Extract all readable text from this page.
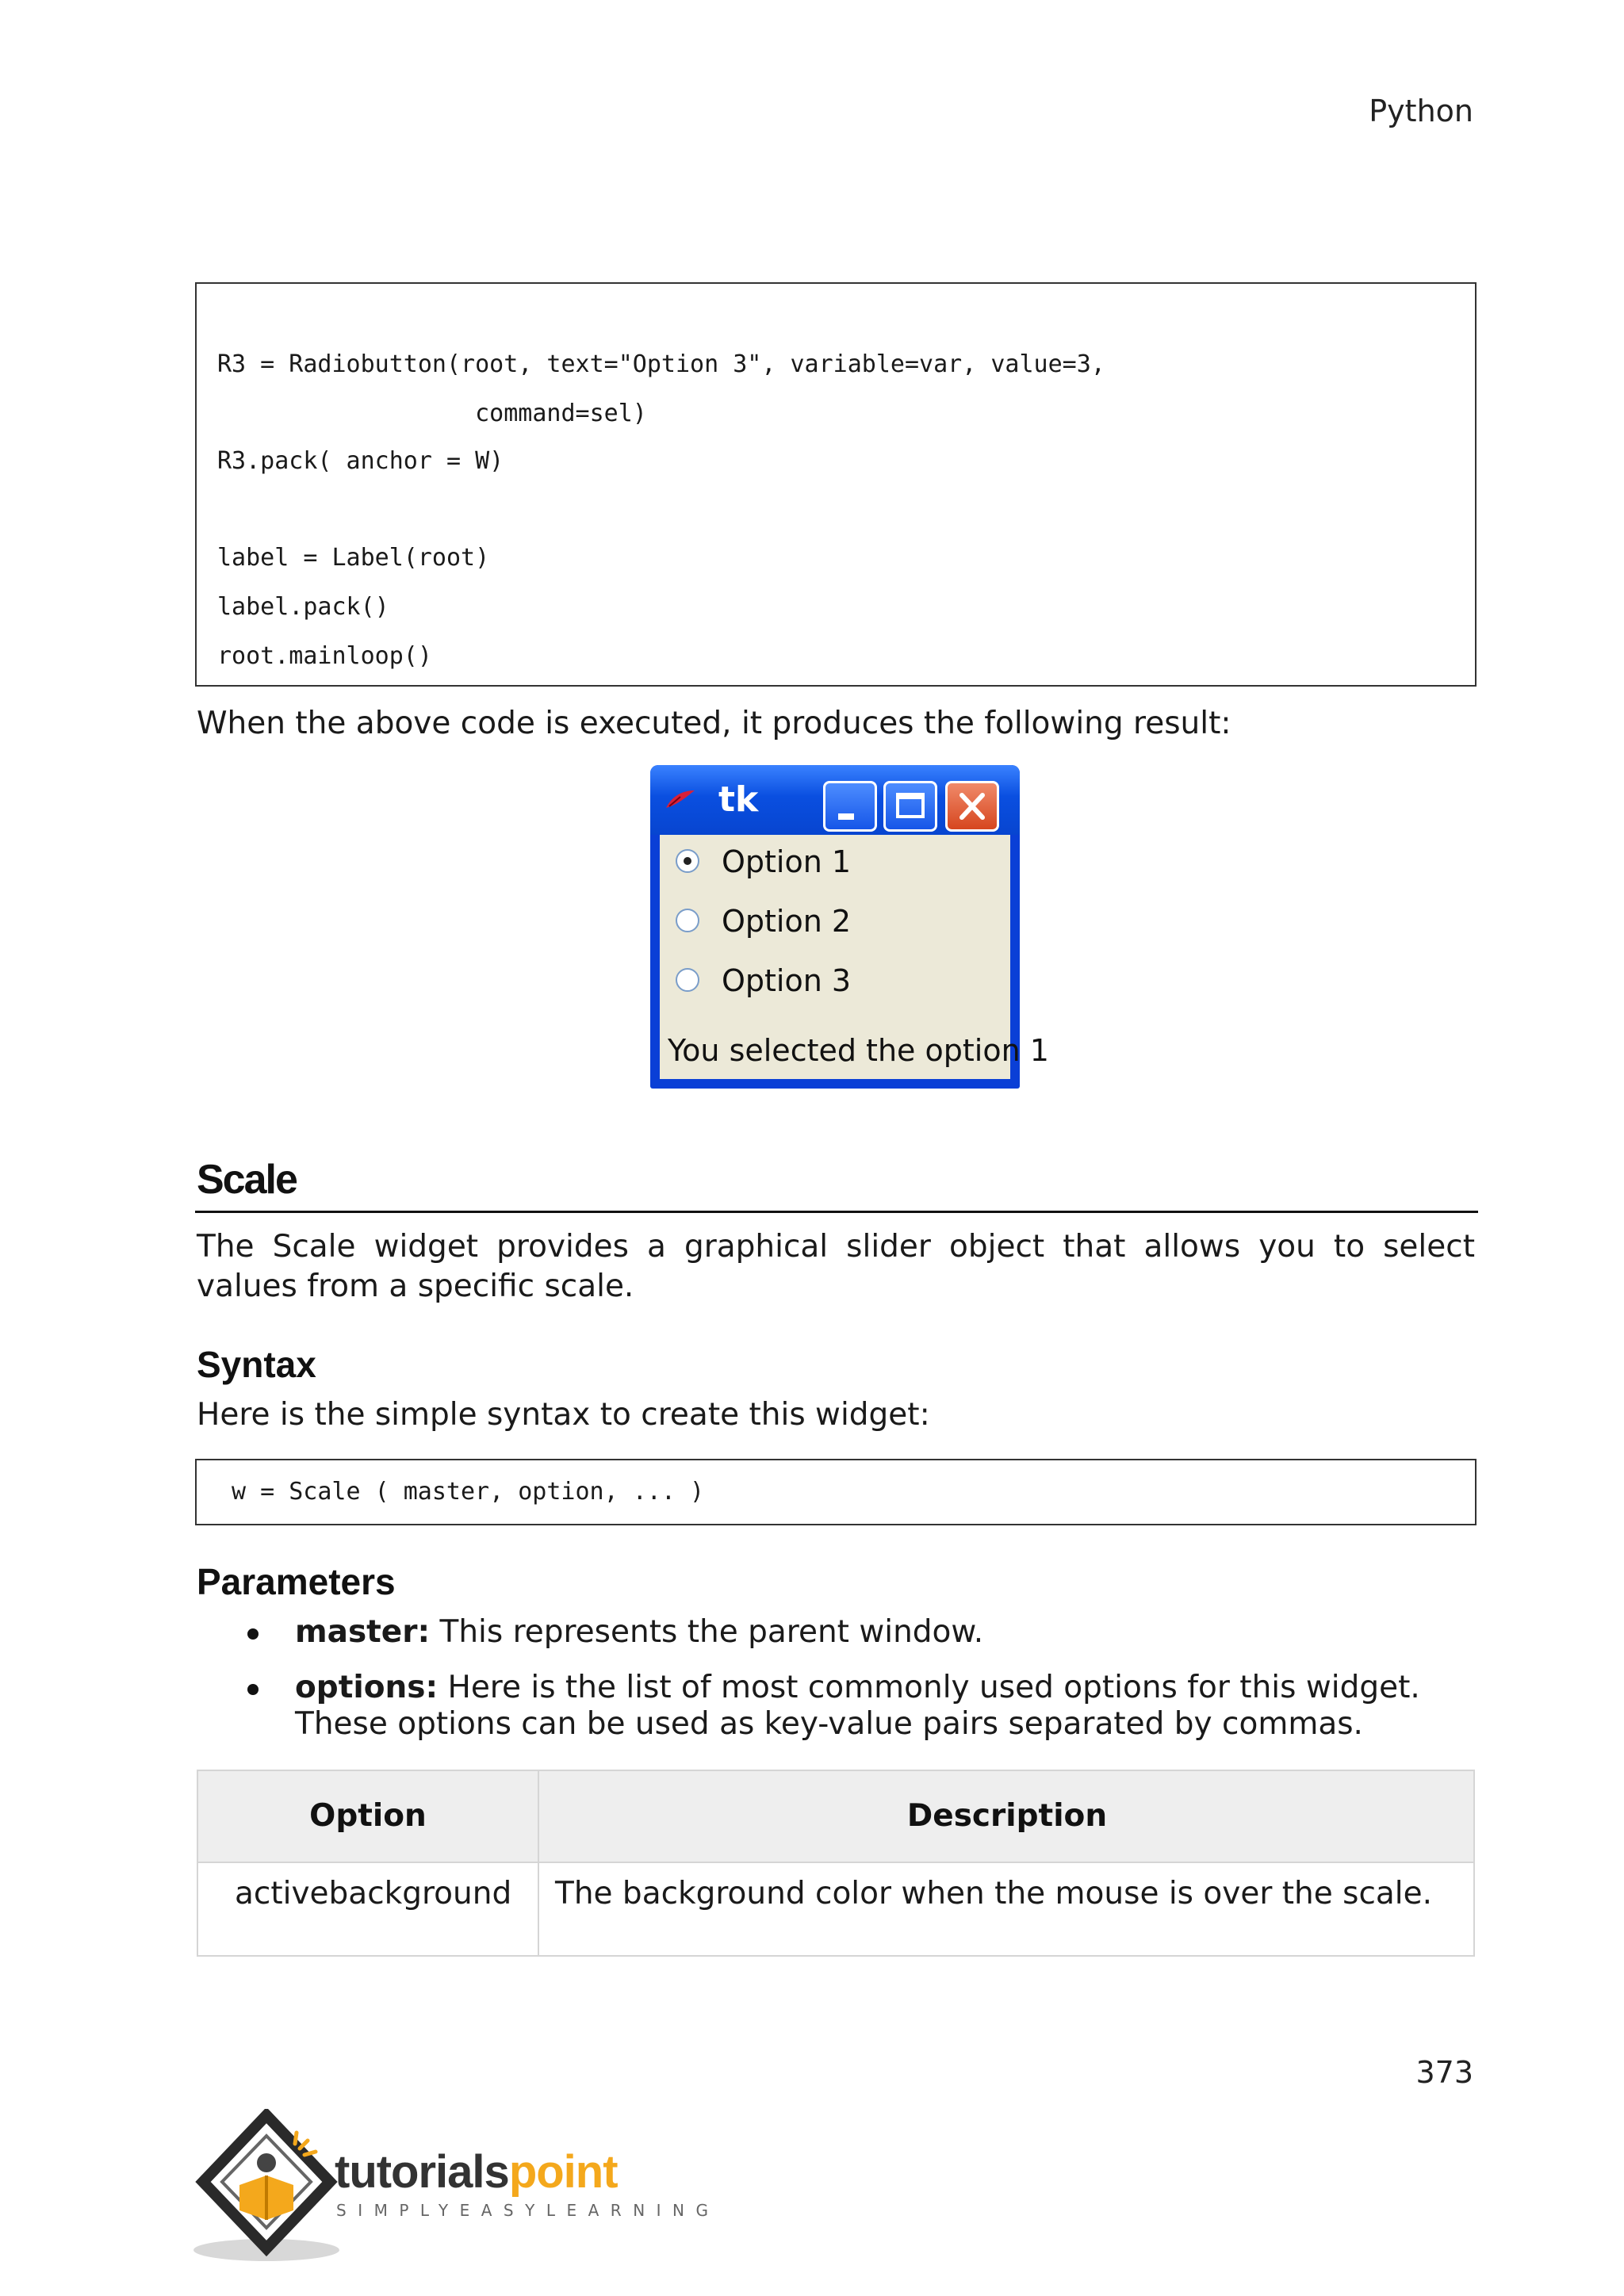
Python
R3 = Radiobutton(root, text="Option 3", variable=var, value=3,
command=sel)
R3.pack( anchor = W)
label = Label(root)
label.pack()
root.mainloop()
When the above code is executed, it produces the following result:
tk
Option 1
Option 2
Option 3
You selected the option 1
Scale
The Scale widget provides a graphical slider object that allows you to select values from a specific scale.
Syntax
Here is the simple syntax to create this widget:
w = Scale ( master, option, ... )
Parameters
master: This represents the parent window.
options: Here is the list of most commonly used options for this widget. These options can be used as key-value pairs separated by commas.
Option	Description
activebackground The background color when the mouse is over the scale.
373
tutorialspoint
SIMPLYEASYLEARNING
